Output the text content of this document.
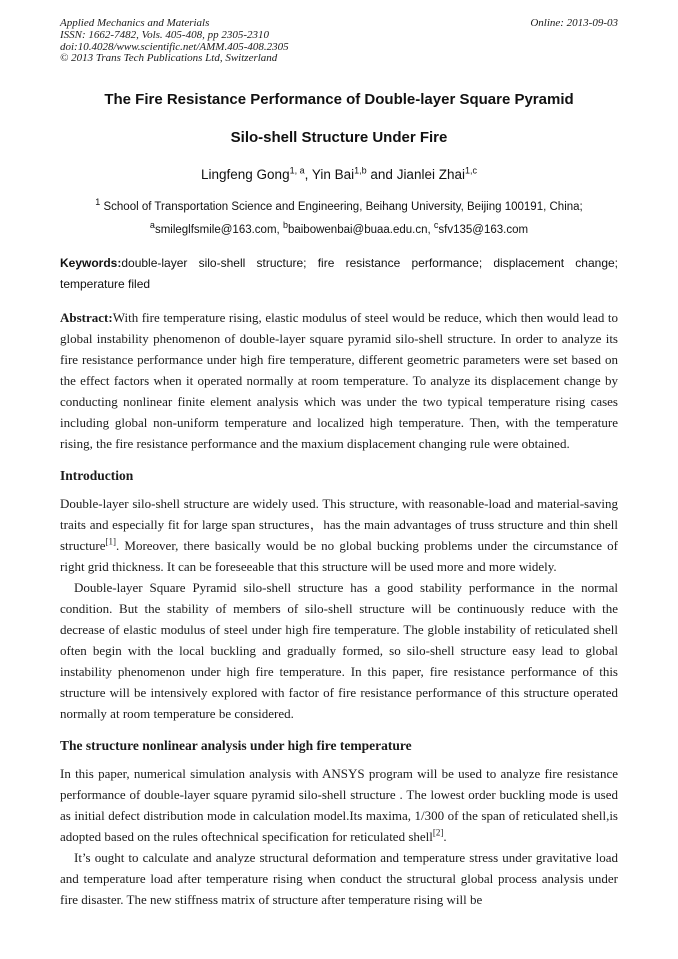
Applied Mechanics and Materials
ISSN: 1662-7482, Vols. 405-408, pp 2305-2310
doi:10.4028/www.scientific.net/AMM.405-408.2305
© 2013 Trans Tech Publications Ltd, Switzerland
Online: 2013-09-03
The Fire Resistance Performance of Double-layer Square Pyramid
Silo-shell Structure Under Fire
Lingfeng Gong$^{1, a}$, Yin Bai$^{1,b}$ and Jianlei Zhai$^{1,c}$
$^1$ School of Transportation Science and Engineering, Beihang University, Beijing 100191, China;
$^a$smileglfsmile@163.com, $^b$baibowenbai@buaa.edu.cn, $^c$sfv135@163.com

Keywords:double-layer silo-shell structure; fire resistance performance; displacement change; temperature filed

Abstract:With fire temperature rising, elastic modulus of steel would be reduce, which then would lead to global instability phenomenon of double-layer square pyramid silo-shell structure. In order to analyze its fire resistance performance under high fire temperature, different geometric parameters were set based on the effect factors when it operated normally at room temperature. To analyze its displacement change by conducting nonlinear finite element analysis which was under the two typical temperature rising cases including global non-uniform temperature and localized high temperature. Then, with the temperature rising, the fire resistance performance and the maxium displacement changing rule were obtained.

Introduction

Double-layer silo-shell structure are widely used. This structure, with reasonable-load and material-saving traits and especially fit for large span structures，has the main advantages of truss structure and thin shell structure[1]. Moreover, there basically would be no global bucking problems under the circumstance of right grid thickness. It can be foreseeable that this structure will be used more and more widely.

Double-layer Square Pyramid silo-shell structure has a good stability performance in the normal condition. But the stability of members of silo-shell structure will be continuously reduce with the decrease of elastic modulus of steel under high fire temperature. The globle instability of reticulated shell often begin with the local buckling and gradually formed, so silo-shell structure easy lead to global instability phenomenon under high fire temperature. In this paper, fire resistance performance of this structure will be intensively explored with factor of fire resistance performance of this structure operated normally at room temperature be considered.

The structure nonlinear analysis under high fire temperature

In this paper, numerical simulation analysis with ANSYS program will be used to analyze fire resistance performance of double-layer square pyramid silo-shell structure . The lowest order buckling mode is used as initial defect distribution mode in calculation model.Its maxima, 1/300 of the span of reticulated shell,is adopted based on the rules oftechnical specification for reticulated shell[2].

It’s ought to calculate and analyze structural deformation and temperature stress under gravitative load and temperature load after temperature rising when conduct the structural global process analysis under fire disaster. The new stiffness matrix of structure after temperature rising will be
